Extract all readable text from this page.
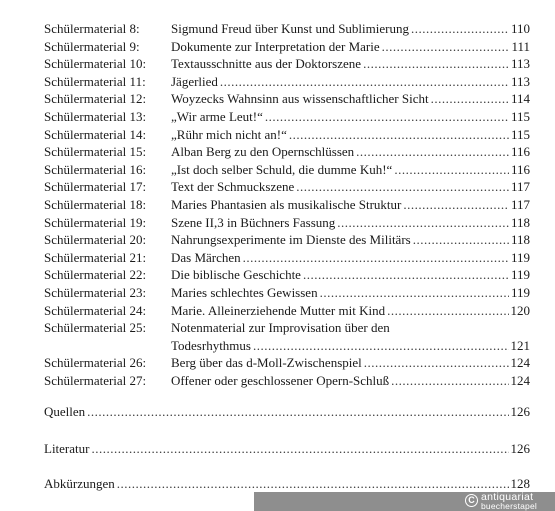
Schülermaterial 8: Sigmund Freud über Kunst und Sublimierung .....	110
Schülermaterial 9: Dokumente zur Interpretation der Marie .....	111
Schülermaterial 10: Textausschnitte aus der Doktorszene .....	113
Schülermaterial 11: Jägerlied .....	113
Schülermaterial 12: Woyzecks Wahnsinn aus wissenschaftlicher Sicht .....	114
Schülermaterial 13: „Wir arme Leut!“ .....	115
Schülermaterial 14: „Rühr mich nicht an!“ .....	115
Schülermaterial 15: Alban Berg zu den Opernschlüssen .....	116
Schülermaterial 16: „Ist doch selber Schuld, die dumme Kuh!“ .....	116
Schülermaterial 17: Text der Schmuckszene .....	117
Schülermaterial 18: Maries Phantasien als musikalische Struktur .....	117
Schülermaterial 19: Szene II,3 in Büchners Fassung .....	118
Schülermaterial 20: Nahrungsexperimente im Dienste des Militärs .....	118
Schülermaterial 21: Das Märchen .....	119
Schülermaterial 22: Die biblische Geschichte .....	119
Schülermaterial 23: Maries schlechtes Gewissen .....	119
Schülermaterial 24: Marie. Alleinerziehende Mutter mit Kind .....	120
Schülermaterial 25: Notenmaterial zur Improvisation über den
Todesrhythmus .....	121
Schülermaterial 26: Berg über das d-Moll-Zwischenspiel .....	124
Schülermaterial 27: Offener oder geschlossener Opern-Schluß .....	124
Quellen .....	126
Literatur .....	126
Abkürzungen .....	128
C antiquariat
buecherstapel
